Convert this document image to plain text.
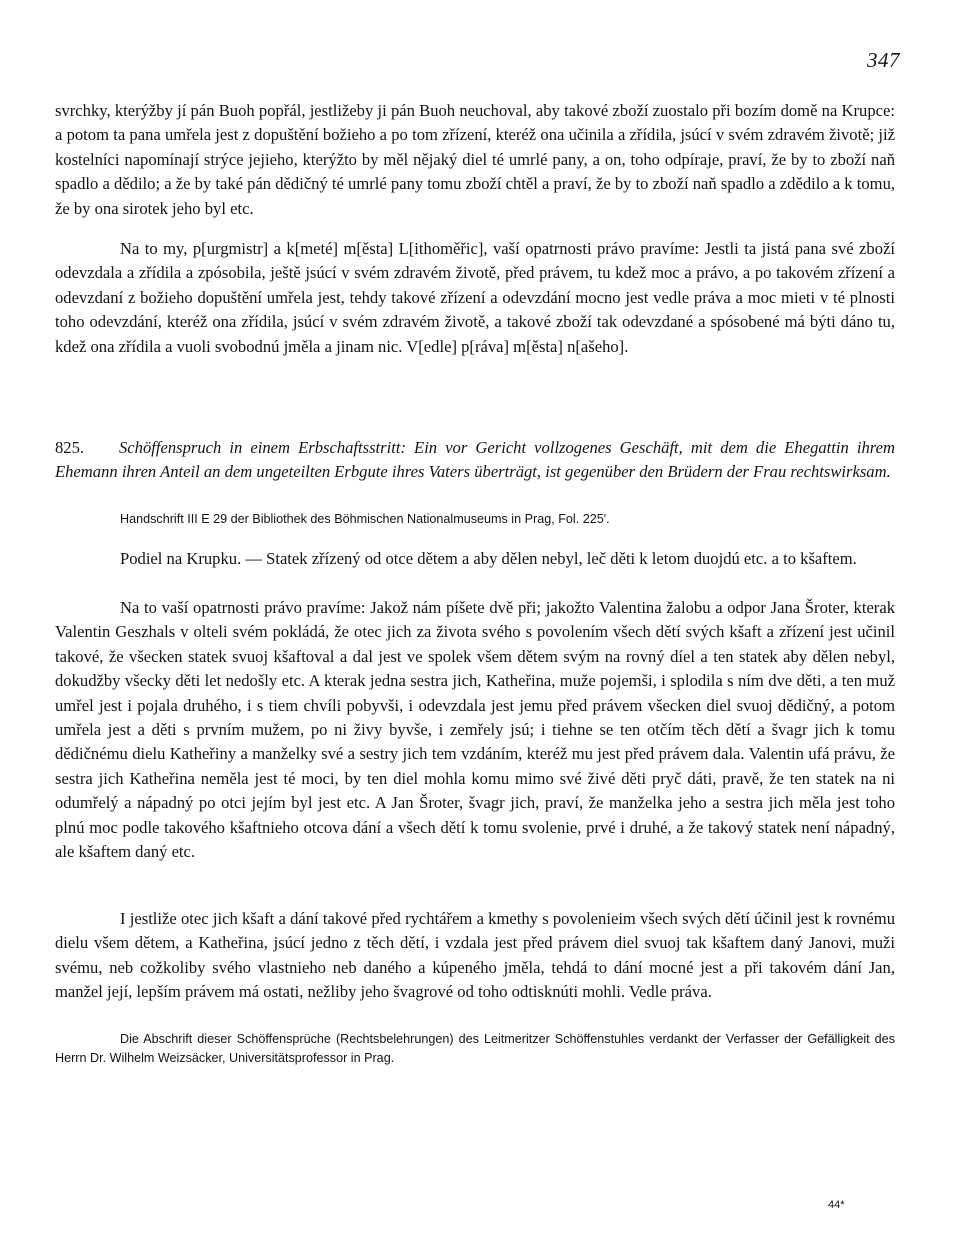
347

svrchky, kterýžby jí pán Buoh popřál, jestližeby ji pán Buoh neuchoval, aby takové zboží zuostalo při bozím domě na Krupce: a potom ta pana umřela jest z dopuštění božieho a po tom zřízení, kteréž ona učinila a zřídila, jsúcí v svém zdravém životě; již kostelníci napomínají strýce jejieho, kterýžto by měl nějaký diel té umrlé pany, a on, toho odpíraje, praví, že by to zboží naň spadlo a dědilo; a že by také pán dědičný té umrlé pany tomu zboží chtěl a praví, že by to zboží naň spadlo a zdědilo a k tomu, že by ona sirotek jeho byl etc.

Na to my, p[urgmistr] a k[meté] m[ěsta] L[ithoměřic], vaší opatrnosti právo pravíme: Jestli ta jistá pana své zboží odevzdala a zřídila a zpósobila, ještě jsúcí v svém zdravém životě, před právem, tu kdež moc a právo, a po takovém zřízení a odevzdaní z božieho dopuštění umřela jest, tehdy takové zřízení a odevzdání mocno jest vedle práva a moc mieti v té plnosti toho odevzdání, kteréž ona zřídila, jsúcí v svém zdravém životě, a takové zboží tak odevzdané a spósobené má býti dáno tu, kdež ona zřídila a vuoli svobodnú jměla a jinam nic. V[edle] p[ráva] m[ěsta] n[ašeho].

825. Schöffenspruch in einem Erbschaftsstritt: Ein vor Gericht vollzogenes Geschäft, mit dem die Ehegattin ihrem Ehemann ihren Anteil an dem ungeteilten Erbgute ihres Vaters überträgt, ist gegenüber den Brüdern der Frau rechtswirksam.

Handschrift III E 29 der Bibliothek des Böhmischen Nationalmuseums in Prag, Fol. 225'.

Podiel na Krupku. — Statek zřízený od otce dětem a aby dělen nebyl, leč děti k letom duojdú etc. a to kšaftem.

Na to vaší opatrnosti právo pravíme: Jakož nám píšete dvě při; jakožto Valentina žalobu a odpor Jana Šroter, kterak Valentin Geszhals v olteli svém pokládá, že otec jich za života svého s povolením všech dětí svých kšaft a zřízení jest učinil takové, že všecken statek svuoj kšaftoval a dal jest ve spolek všem dětem svým na rovný díel a ten statek aby dělen nebyl, dokudžby všecky děti let nedošly etc. A kterak jedna sestra jich, Katheřina, muže pojemši, i splodila s ním dve děti, a ten muž umřel jest i pojala druhého, i s tiem chvíli pobyvši, i odevzdala jest jemu před právem všecken diel svuoj dědičný, a potom umřela jest a děti s prvním mužem, po ni živy byvše, i zemřely jsú; i tiehne se ten otčím těch dětí a švagr jich k tomu dědičnému dielu Katheřiny a manželky své a sestry jich tem vzdáním, kteréž mu jest před právem dala. Valentin ufá právu, že sestra jich Katheřina neměla jest té moci, by ten diel mohla komu mimo své živé děti pryč dáti, pravě, že ten statek na ni odumřelý a nápadný po otci jejím byl jest etc. A Jan Šroter, švagr jich, praví, že manželka jeho a sestra jich měla jest toho plnú moc podle takového kšaftnieho otcova dání a všech dětí k tomu svolenie, prvé i druhé, a že takový statek není nápadný, ale kšaftem daný etc.

I jestliže otec jich kšaft a dání takové před rychtářem a kmethy s povolenieim všech svých dětí účinil jest k rovnému dielu všem dětem, a Katheřina, jsúcí jedno z těch dětí, i vzdala jest před právem diel svuoj tak kšaftem daný Janovi, muži svému, neb cožkoliby svého vlastnieho neb daného a kúpeného jměla, tehdá to dání mocné jest a při takovém dání Jan, manžel její, lepším právem má ostati, nežliby jeho švagrové od toho odtisknúti mohli. Vedle práva.

Die Abschrift dieser Schöffensprüche (Rechtsbelehrungen) des Leitmeritzer Schöffenstuhles verdankt der Verfasser der Gefälligkeit des Herrn Dr. Wilhelm Weizsäcker, Universitätsprofessor in Prag.

44*
